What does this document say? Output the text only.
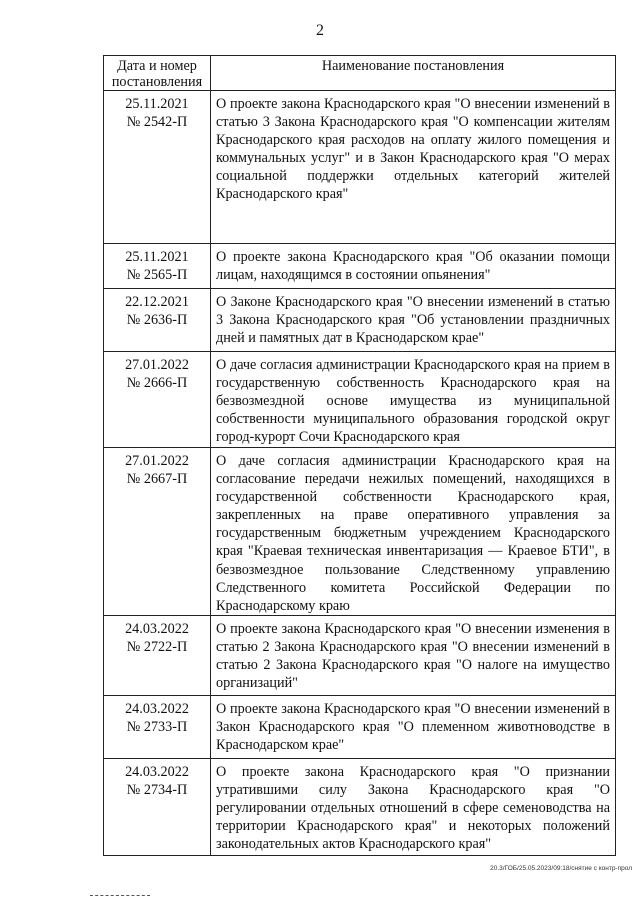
2
Дата и номер постановления	Наименование постановления

25.11.2021
№ 2542-П	О проекте закона Краснодарского края "О внесении изменений в статью 3 Закона Краснодарского края "О компенсации жителям Краснодарского края расходов на оплату жилого помещения и коммунальных услуг" и в Закон Краснодарского края "О мерах социальной поддержки отдельных категорий жителей Краснодарского края"

25.11.2021
№ 2565-П	О проекте закона Краснодарского края "Об оказании помощи лицам, находящимся в состоянии опьянения"

22.12.2021
№ 2636-П	О Законе Краснодарского края "О внесении изменений в статью 3 Закона Краснодарского края "Об установлении праздничных дней и памятных дат в Краснодарском крае"

27.01.2022
№ 2666-П	О даче согласия администрации Краснодарского края на прием в государственную собственность Краснодарского края на безвозмездной основе имущества из муниципальной собственности муниципального образования городской округ город-курорт Сочи Краснодарского края

27.01.2022
№ 2667-П	О даче согласия администрации Краснодарского края на согласование передачи нежилых помещений, находящихся в государственной собственности Краснодарского края, закрепленных на праве оперативного управления за государственным бюджетным учреждением Краснодарского края "Краевая техническая инвентаризация — Краевое БТИ", в безвозмездное пользование Следственному управлению Следственного комитета Российской Федерации по Краснодарскому краю

24.03.2022
№ 2722-П	О проекте закона Краснодарского края "О внесении изменения в статью 2 Закона Краснодарского края "О внесении изменений в статью 2 Закона Краснодарского края "О налоге на имущество организаций"

24.03.2022
№ 2733-П	О проекте закона Краснодарского края "О внесении изменений в Закон Краснодарского края "О племенном животноводстве в Краснодарском крае"

24.03.2022
№ 2734-П	О проекте закона Краснодарского края "О признании утратившими силу Закона Краснодарского края "О регулировании отдельных отношений в сфере семеноводства на территории Краснодарского края" и некоторых положений законодательных актов Краснодарского края"
20.3/ГОБ/25.05.2023/09:18/снятие с контр-прол
